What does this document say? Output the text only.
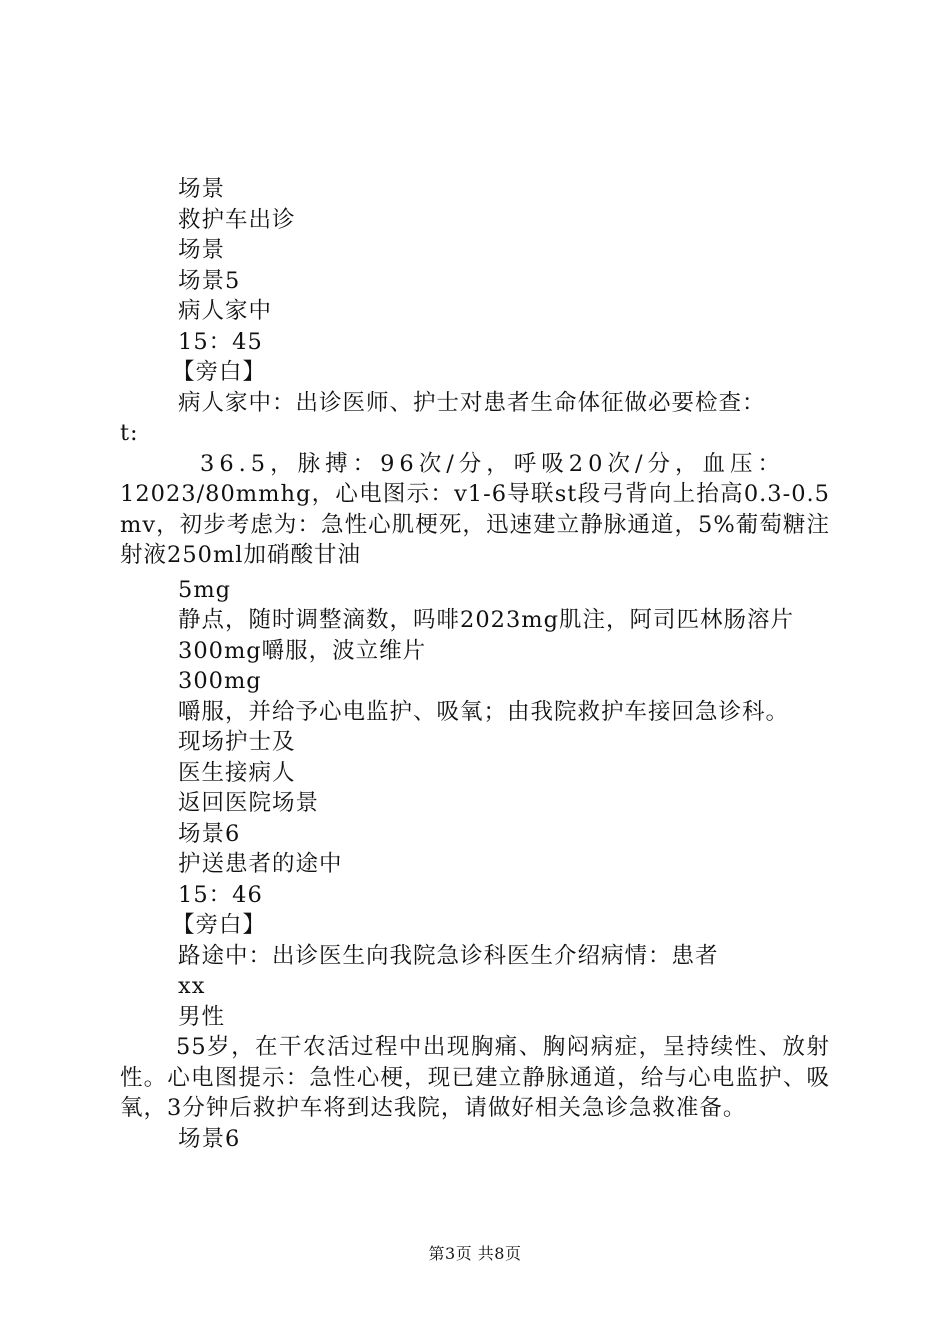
场景
救护车出诊
场景
场景5
病人家中
15：45
【旁白】
病人家中：出诊医师、护士对患者生命体征做必要检查：
t:
36.5，脉搏：96次/分，呼吸20次/分，血压：
12023/80mmhg，心电图示：v1-6导联st段弓背向上抬高0.3-0.5mv，初步考虑为：急性心肌梗死，迅速建立静脉通道，5%葡萄糖注射液250ml加硝酸甘油
5mg
静点，随时调整滴数，吗啡2023mg肌注，阿司匹林肠溶片
300mg嚼服，波立维片
300mg
嚼服，并给予心电监护、吸氧；由我院救护车接回急诊科。
现场护士及
医生接病人
返回医院场景
场景6
护送患者的途中
15：46
【旁白】
路途中：出诊医生向我院急诊科医生介绍病情：患者
xx
男性
55岁，在干农活过程中出现胸痛、胸闷病症，呈持续性、放射性。心电图提示：急性心梗，现已建立静脉通道，给与心电监护、吸氧，3分钟后救护车将到达我院，请做好相关急诊急救准备。
场景6
第3页 共8页
